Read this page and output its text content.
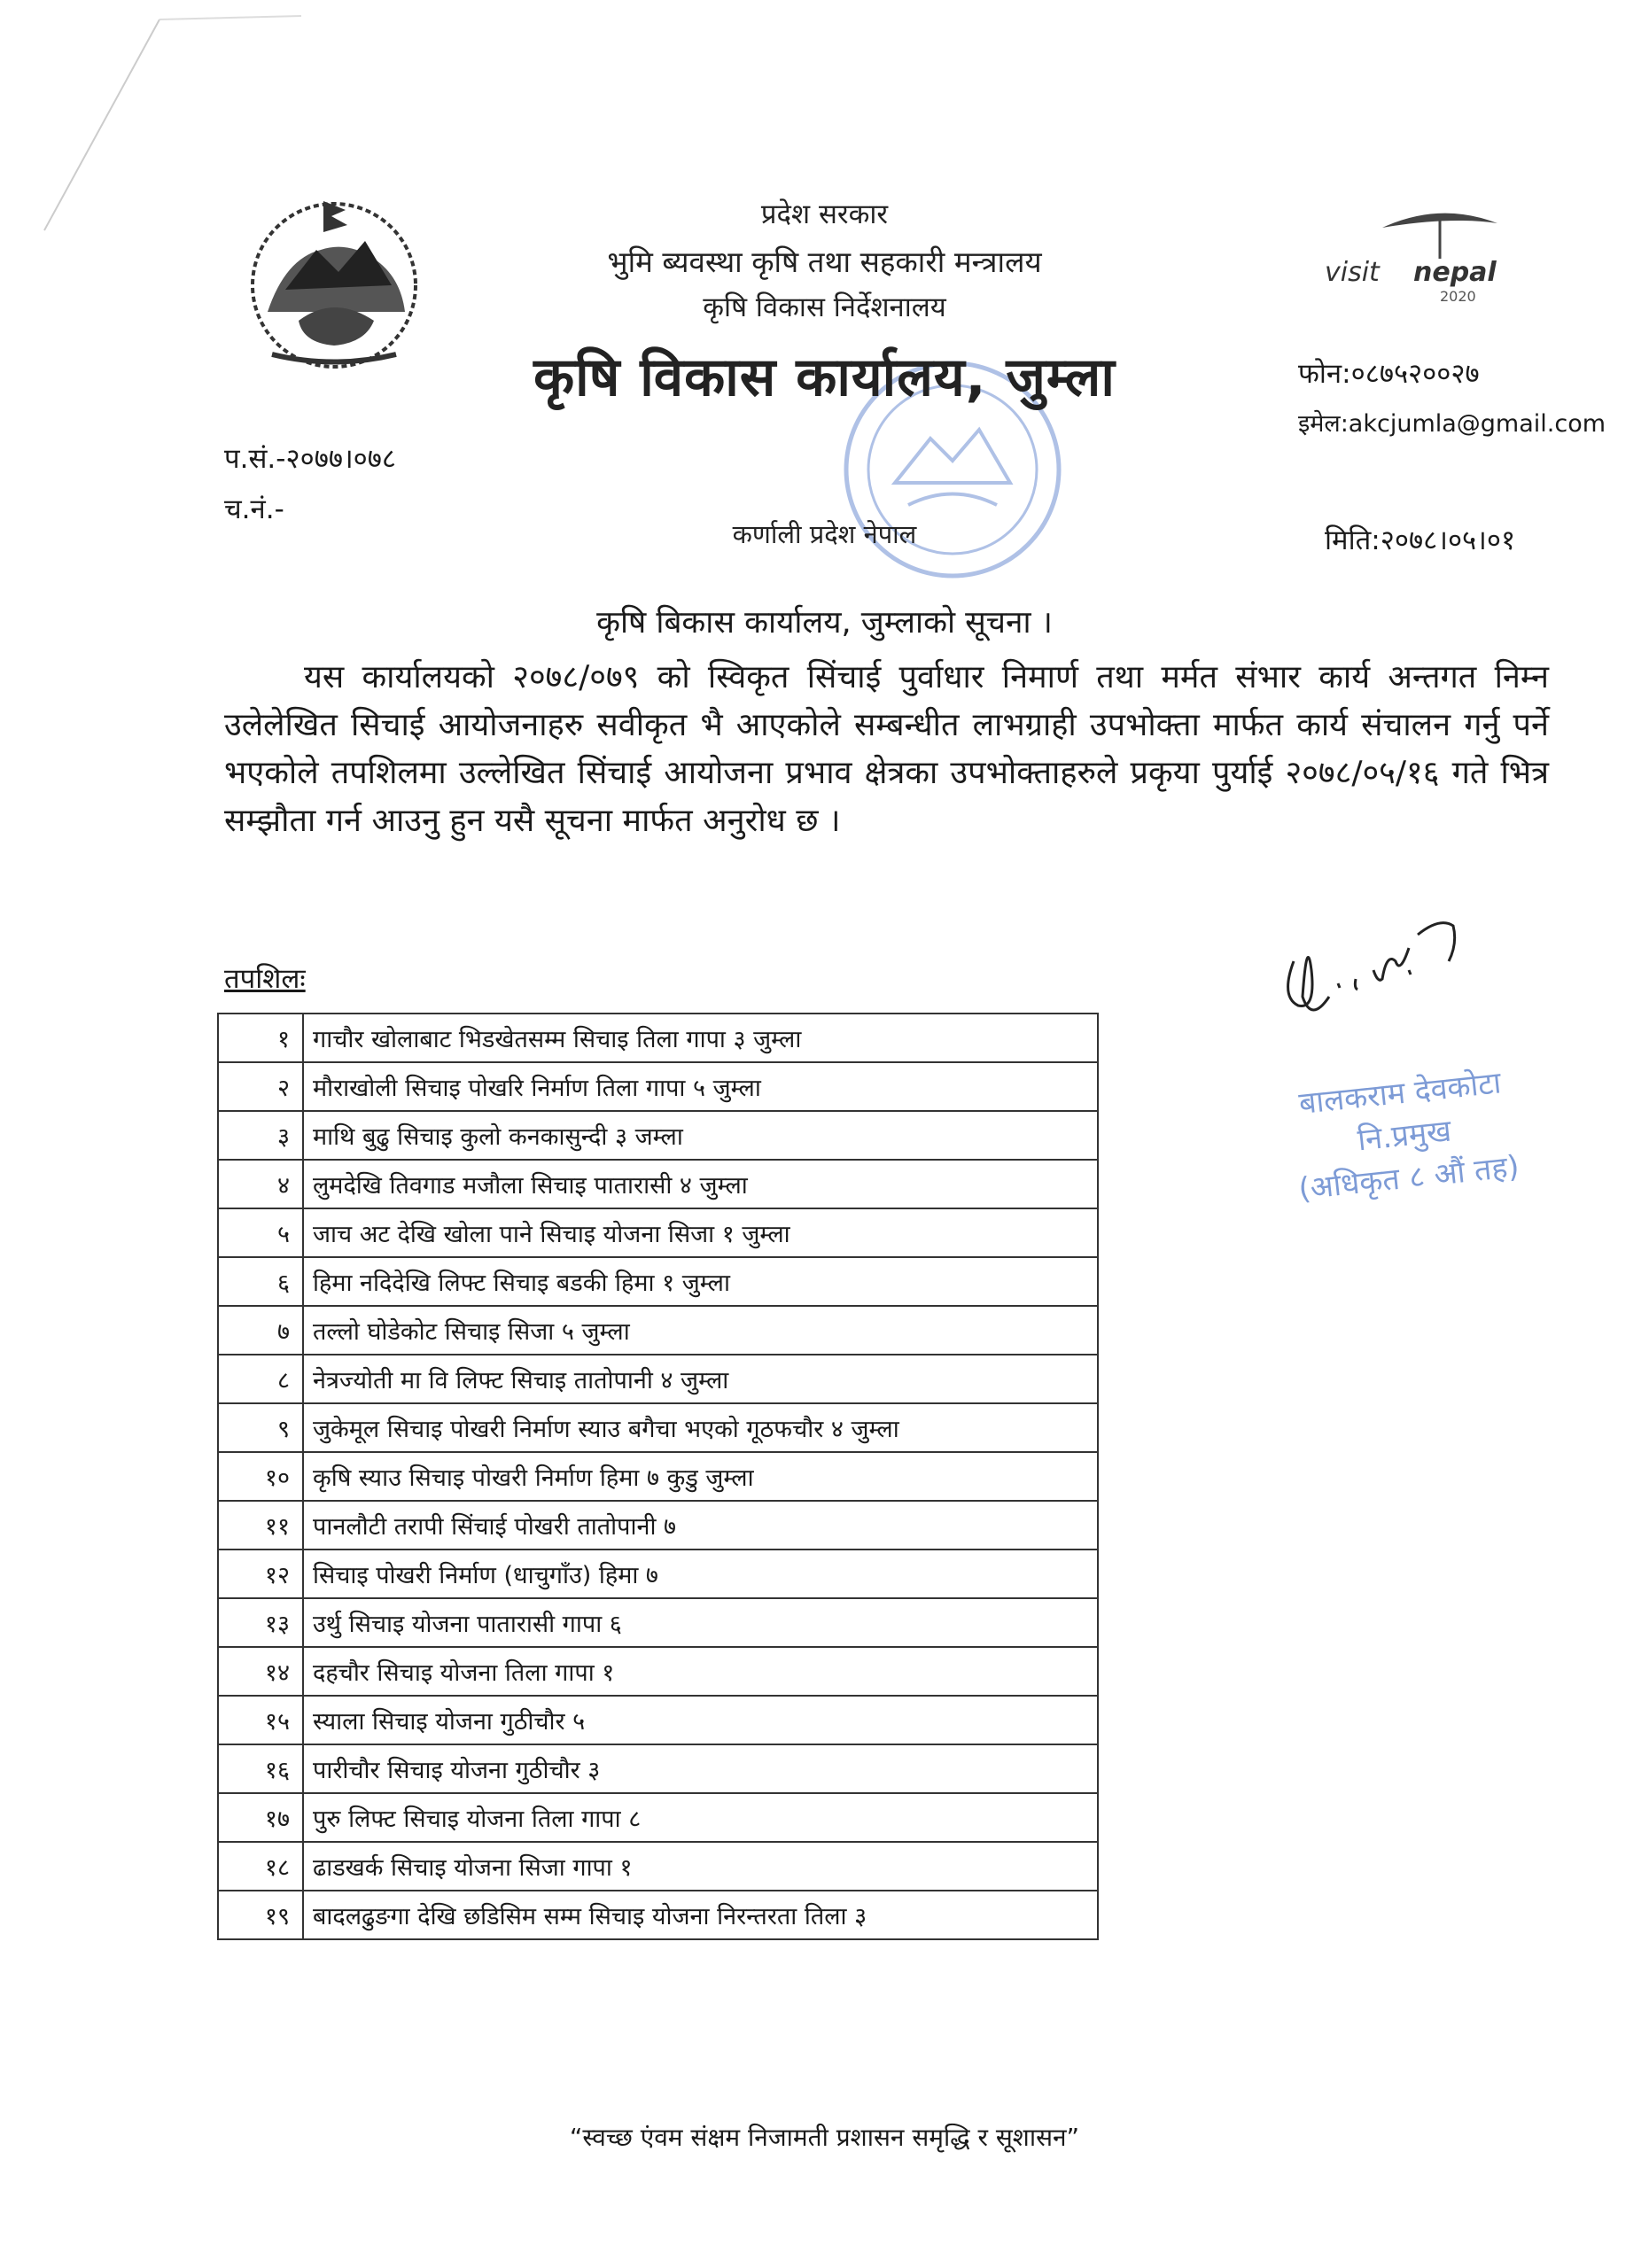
visit nepal
2020
प्रदेश सरकार
भुमि ब्यवस्था कृषि तथा सहकारी मन्त्रालय
कृषि विकास निर्देशनालय
कृषि विकास कार्यालय, जुम्ला
कर्णाली प्रदेश नेपाल
फोन:०८७५२००२७
इमेल:akcjumla@gmail.com
प.सं.-२०७७।०७८
च.नं.-
मिति:२०७८।०५।०१
कृषि बिकास कार्यालय, जुम्लाको सूचना ।
यस कार्यालयको २०७८/०७९ को स्विकृत सिंचाई पुर्वाधार निमार्ण तथा मर्मत संभार कार्य अन्तगत निम्न उलेलेखित सिचाई आयोजनाहरु सवीकृत भै आएकोले सम्बन्धीत लाभग्राही उपभोक्ता मार्फत कार्य संचालन गर्नु पर्ने भएकोले तपशिलमा उल्लेखित सिंचाई आयोजना प्रभाव क्षेत्रका उपभोक्ताहरुले प्रकृया पुर्याई २०७८/०५/१६ गते भित्र सम्झौता गर्न आउनु हुन यसै सूचना मार्फत अनुरोध छ ।
तपशिलः
१	गाचौर खोलाबाट भिडखेतसम्म सिचाइ तिला गापा ३ जुम्ला
२	मौराखोली सिचाइ पोखरि निर्माण तिला गापा ५ जुम्ला
३	माथि बुढु सिचाइ कुलो कनकासुन्दी ३ जम्ला
४	लुमदेखि तिवगाड मजौला सिचाइ पातारासी ४ जुम्ला
५	जाच अट देखि खोला पाने सिचाइ योजना सिजा १ जुम्ला
६	हिमा नदिदेखि लिफ्ट सिचाइ बडकी हिमा १ जुम्ला
७	तल्लो घोडेकोट सिचाइ सिजा ५ जुम्ला
८	नेत्रज्योती मा वि लिफ्ट सिचाइ तातोपानी ४ जुम्ला
९	जुकेमूल सिचाइ पोखरी निर्माण स्याउ बगैचा भएको गूठफचौर ४ जुम्ला
१०	कृषि स्याउ सिचाइ पोखरी निर्माण हिमा ७ कुडु जुम्ला
११	पानलौटी तरापी सिंचाई पोखरी तातोपानी ७
१२	सिचाइ पोखरी निर्माण (धाचुगाँउ) हिमा ७
१३	उर्थु सिचाइ योजना पातारासी गापा ६
१४	दहचौर सिचाइ योजना तिला गापा १
१५	स्याला सिचाइ योजना गुठीचौर ५
१६	पारीचौर सिचाइ योजना गुठीचौर ३
१७	पुरु लिफ्ट सिचाइ योजना तिला गापा ८
१८	ढाडखर्क सिचाइ योजना सिजा गापा १
१९	बादलढुङगा देखि छडिसिम सम्म सिचाइ योजना निरन्तरता तिला ३
बालकराम देवकोटा
नि.प्रमुख
(अधिकृत ८ औं तह)
“स्वच्छ एंवम संक्षम निजामती प्रशासन समृद्धि र सूशासन”
